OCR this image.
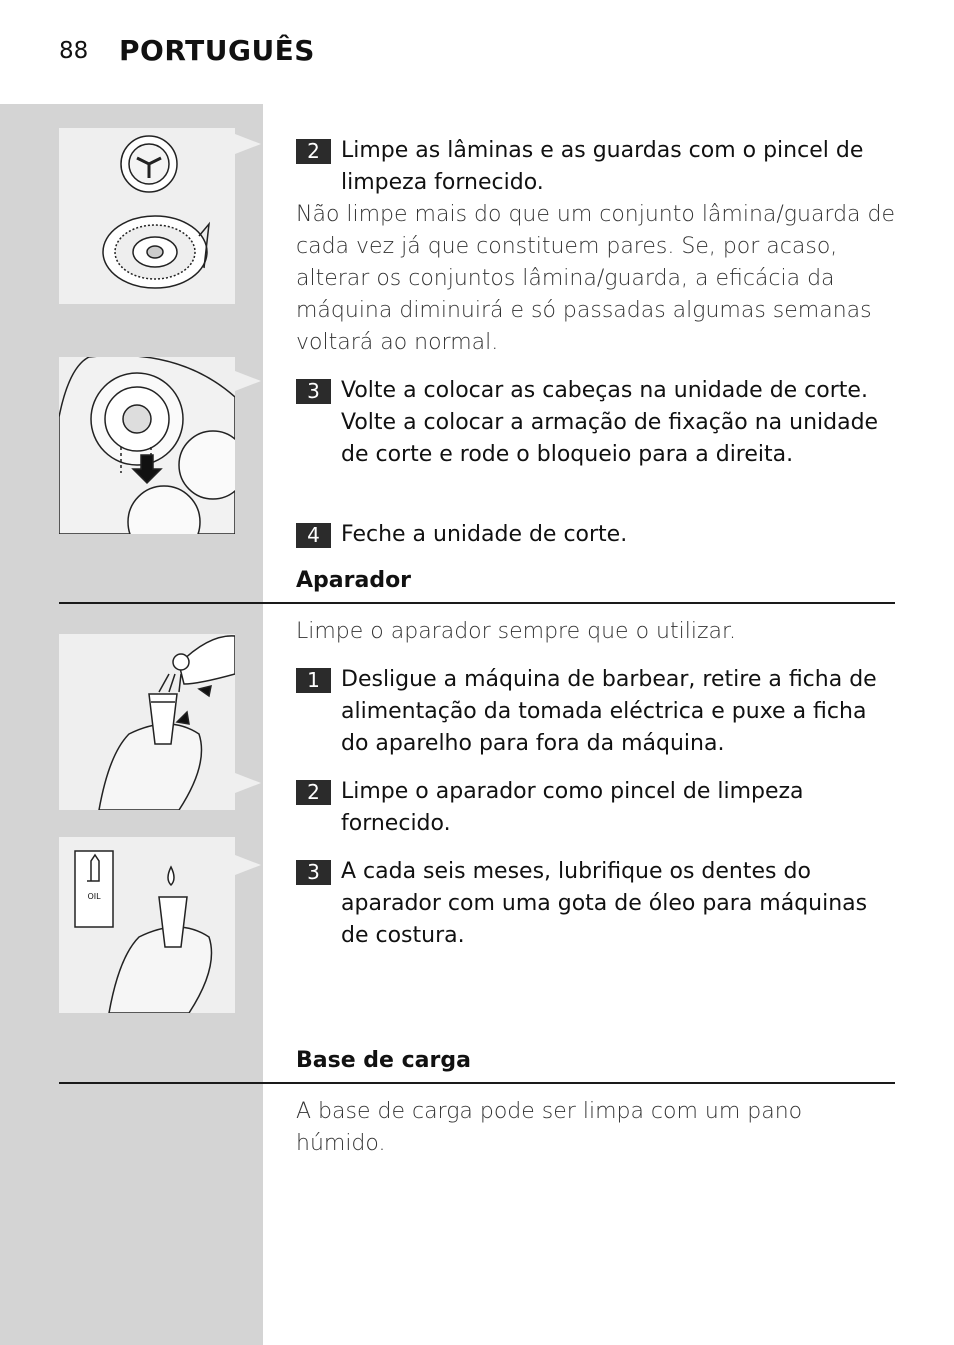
88 PORTUGUÊS
OIL
2 Limpe as lâminas e as guardas com o pincel de limpeza fornecido.
Não limpe mais do que um conjunto lâmina/guarda de cada vez já que constituem pares. Se, por acaso, alterar os conjuntos lâmina/guarda, a eficácia da máquina diminuirá e só passadas algumas semanas voltará ao normal.
3 Volte a colocar as cabeças na unidade de corte. Volte a colocar a armação de fixação na unidade de corte e rode o bloqueio para a direita.
4 Feche a unidade de corte.
Aparador
Limpe o aparador sempre que o utilizar.
1 Desligue a máquina de barbear, retire a ficha de alimentação da tomada eléctrica e puxe a ficha do aparelho para fora da máquina.
2 Limpe o aparador como pincel de limpeza fornecido.
3 A cada seis meses, lubrifique os dentes do aparador com uma gota de óleo para máquinas de costura.
Base de carga
A base de carga pode ser limpa com um pano húmido.
